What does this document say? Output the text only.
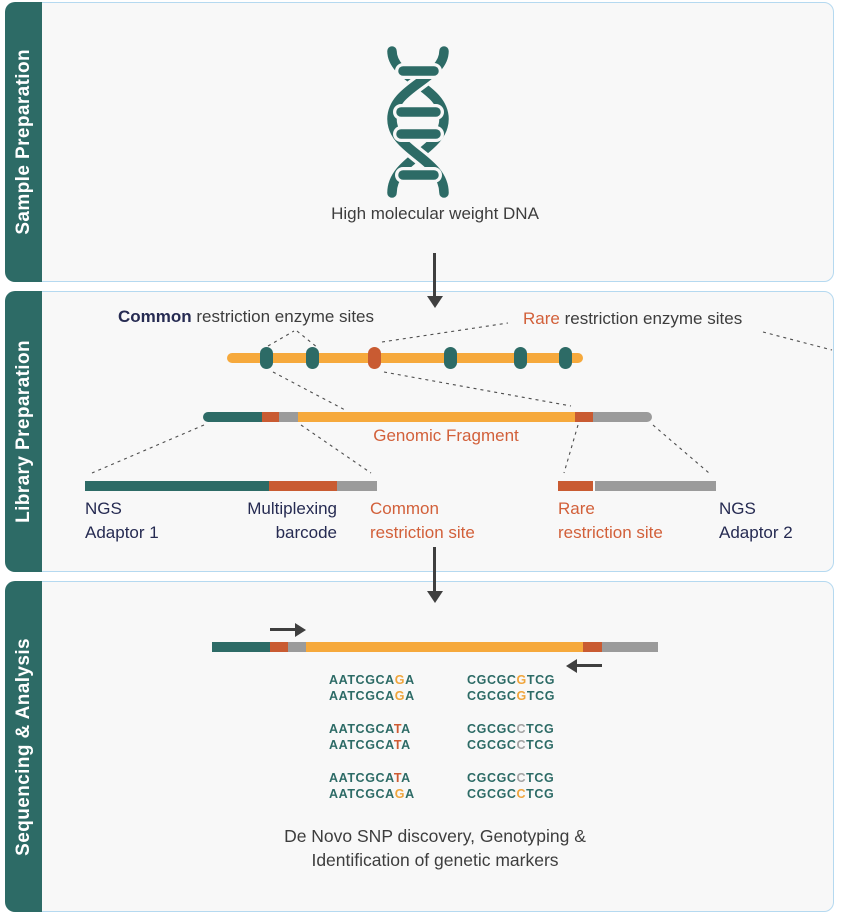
Sample Preparation
Library Preparation
Sequencing & Analysis
High molecular weight DNA
Common restriction enzyme sites	Rare restriction enzyme sites
Genomic Fragment
NGS
Adaptor 1
Multiplexing
barcode
Common
restriction site
Rare
restriction site
NGS
Adaptor 2
AATCGCAGA
AATCGCAGA
AATCGCATA
AATCGCATA
AATCGCATA
AATCGCAGA
CGCGCGTCG
CGCGCGTCG
CGCGCCTCG
CGCGCCTCG
CGCGCCTCG
CGCGCCTCG
De Novo SNP discovery, Genotyping &
Identification of genetic markers
